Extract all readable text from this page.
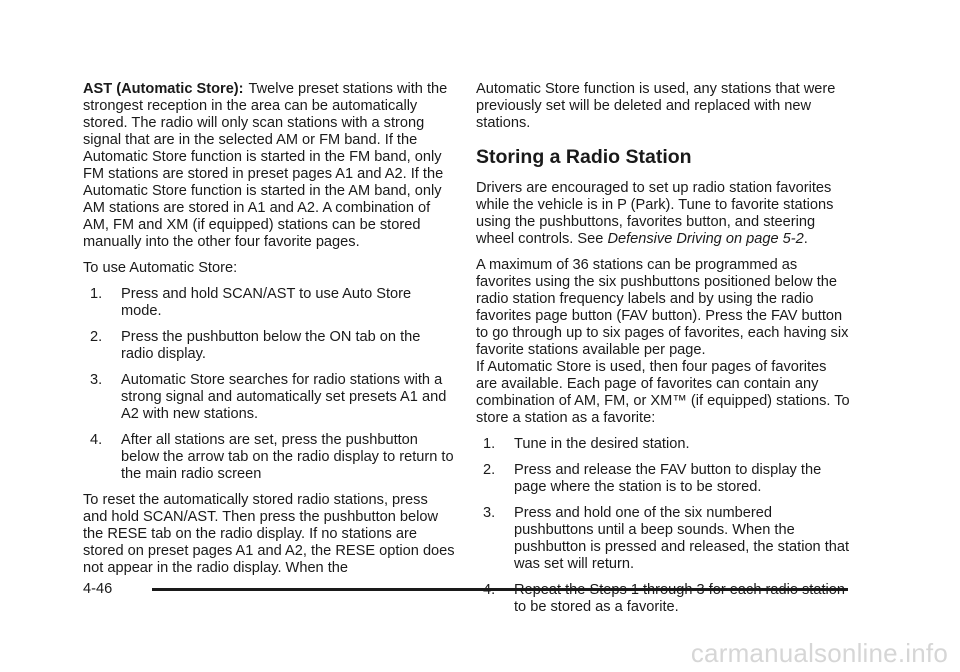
AST (Automatic Store): Twelve preset stations with the strongest reception in the area can be automatically stored. The radio will only scan stations with a strong signal that are in the selected AM or FM band. If the Automatic Store function is started in the FM band, only FM stations are stored in preset pages A1 and A2. If the Automatic Store function is started in the AM band, only AM stations are stored in A1 and A2. A combination of AM, FM and XM (if equipped) stations can be stored manually into the other four favorite pages.

To use Automatic Store:

1. Press and hold SCAN/AST to use Auto Store mode.
2. Press the pushbutton below the ON tab on the radio display.
3. Automatic Store searches for radio stations with a strong signal and automatically set presets A1 and A2 with new stations.
4. After all stations are set, press the pushbutton below the arrow tab on the radio display to return to the main radio screen

To reset the automatically stored radio stations, press and hold SCAN/AST. Then press the pushbutton below the RESE tab on the radio display. If no stations are stored on preset pages A1 and A2, the RESE option does not appear in the radio display. When the

Automatic Store function is used, any stations that were previously set will be deleted and replaced with new stations.

Storing a Radio Station

Drivers are encouraged to set up radio station favorites while the vehicle is in P (Park). Tune to favorite stations using the pushbuttons, favorites button, and steering wheel controls. See Defensive Driving on page 5-2.

A maximum of 36 stations can be programmed as favorites using the six pushbuttons positioned below the radio station frequency labels and by using the radio favorites page button (FAV button). Press the FAV button to go through up to six pages of favorites, each having six favorite stations available per page.

If Automatic Store is used, then four pages of favorites are available. Each page of favorites can contain any combination of AM, FM, or XM™ (if equipped) stations. To store a station as a favorite:

1. Tune in the desired station.
2. Press and release the FAV button to display the page where the station is to be stored.
3. Press and hold one of the six numbered pushbuttons until a beep sounds. When the pushbutton is pressed and released, the station that was set will return.
to be stored as a favorite.
4-46
carmanualsonline.info
